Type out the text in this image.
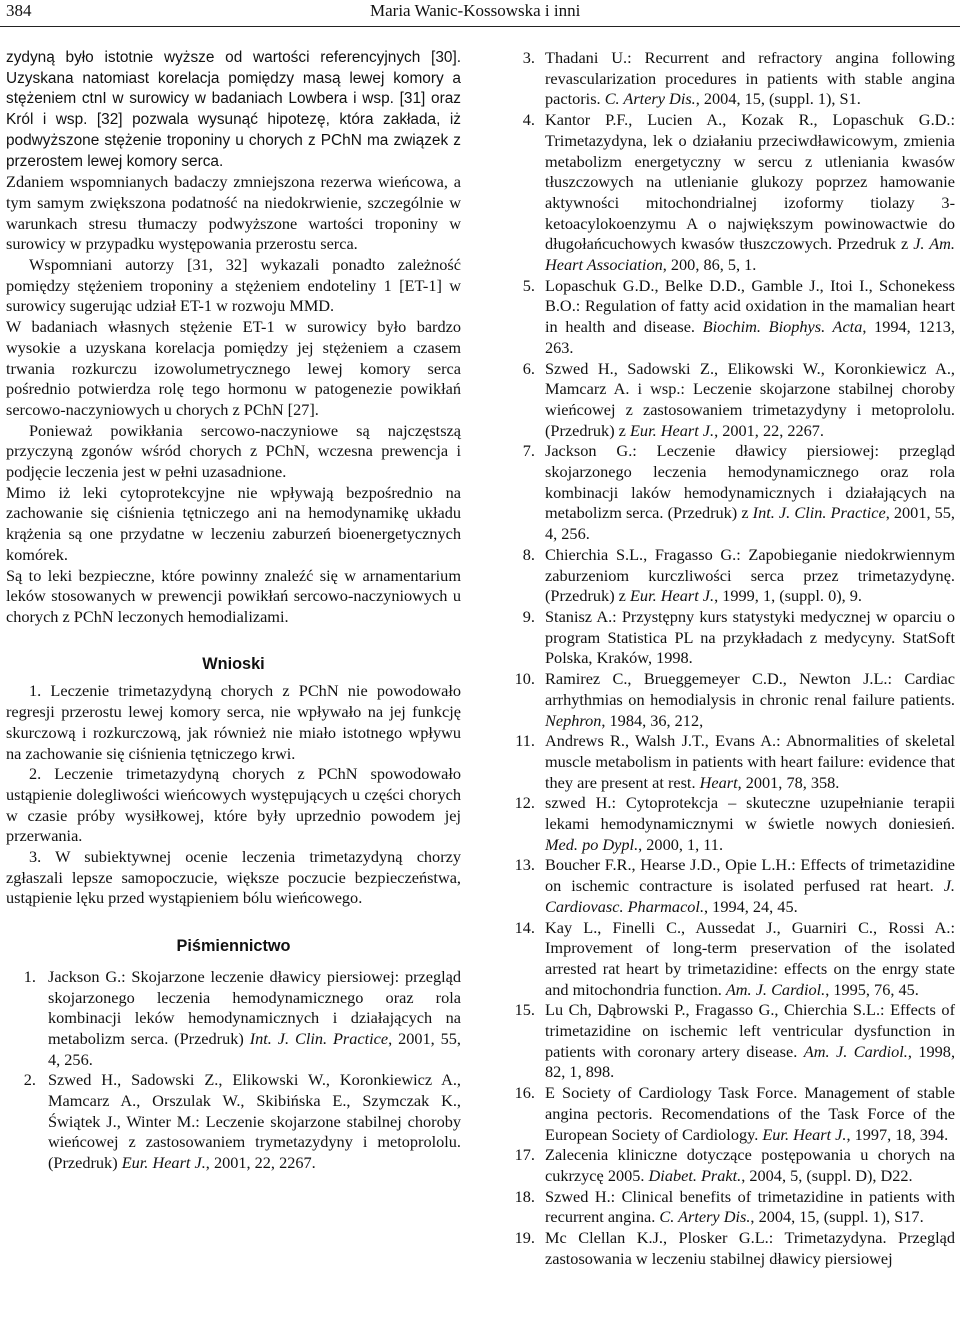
384	Maria Wanic-Kossowska i inni

zydyną było istotnie wyższe od wartości referencyjnych [30]. Uzyskana natomiast korelacja pomiędzy masą lewej komory a stężeniem ctnI w surowicy w badaniach Lowbera i wsp. [31] oraz Król i wsp. [32] pozwala wysunąć hipotezę, która zakłada, iż podwyższone stężenie troponiny u chorych z PChN ma związek z przerostem lewej komory serca.

Zdaniem wspomnianych badaczy zmniejszona rezerwa wieńcowa, a tym samym zwiększona podatność na niedokrwienie, szczególnie w warunkach stresu tłumaczy podwyższone wartości troponiny w surowicy w przypadku występowania przerostu serca.

Wspomniani autorzy [31, 32] wykazali ponadto zależność pomiędzy stężeniem troponiny a stężeniem endoteliny 1 [ET-1] w surowicy sugerując udział ET-1 w rozwoju MMD.

W badaniach własnych stężenie ET-1 w surowicy było bardzo wysokie a uzyskana korelacja pomiędzy jej stężeniem a czasem trwania rozkurczu izowolumetrycznego lewej komory serca pośrednio potwierdza rolę tego hormonu w patogenezie powikłań sercowo-naczyniowych u chorych z PChN [27].

Ponieważ powikłania sercowo-naczyniowe są najczęstszą przyczyną zgonów wśród chorych z PChN, wczesna prewencja i podjęcie leczenia jest w pełni uzasadnione.

Mimo iż leki cytoprotekcyjne nie wpływają bezpośrednio na zachowanie się ciśnienia tętniczego ani na hemodynamikę układu krążenia są one przydatne w leczeniu zaburzeń bioenergetycznych komórek.

Są to leki bezpieczne, które powinny znaleźć się w arnamentarium leków stosowanych w prewencji powikłań sercowo-naczyniowych u chorych z PChN leczonych hemodializami.

Wnioski

1. Leczenie trimetazydyną chorych z PChN nie powodowało regresji przerostu lewej komory serca, nie wpływało na jej funkcję skurczową i rozkurczową, jak również nie miało istotnego wpływu na zachowanie się ciśnienia tętniczego krwi.

2. Leczenie trimetazydyną chorych z PChN spowodowało ustąpienie dolegliwości wieńcowych występujących u części chorych w czasie próby wysiłkowej, które były uprzednio powodem jej przerwania.

3. W subiektywnej ocenie leczenia trimetazydyną chorzy zgłaszali lepsze samopoczucie, większe poczucie bezpieczeństwa, ustąpienie lęku przed wystąpieniem bólu wieńcowego.

Piśmiennictwo
1. Jackson G.: Skojarzone leczenie dławicy piersiowej: przegląd skojarzonego leczenia hemodynamicznego oraz rola kombinacji leków hemodynamicznych i działających na metabolizm serca. (Przedruk) Int. J. Clin. Practice, 2001, 55, 4, 256.
2. Szwed H., Sadowski Z., Elikowski W., Koronkiewicz A., Mamcarz A., Orszulak W., Skibińska E., Szymczak K., Świątek J., Winter M.: Leczenie skojarzone stabilnej choroby wieńcowej z zastosowaniem trymetazydyny i metoprololu. (Przedruk) Eur. Heart J., 2001, 22, 2267.
3. Thadani U.: Recurrent and refractory angina following revascularization procedures in patients with stable angina pactoris. C. Artery Dis., 2004, 15, (suppl. 1), S1.
4. Kantor P.F., Lucien A., Kozak R., Lopaschuk G.D.: Trimetazydyna, lek o działaniu przeciwdławicowym, zmienia metabolizm energetyczny w sercu z utleniania kwasów tłuszczowych na utlenianie glukozy poprzez hamowanie aktywności mitochondrialnej izoformy tiolazy 3-ketoacylokoenzymu A o największym powinowactwie do długołańcuchowych kwasów tłuszczowych. Przedruk z J. Am. Heart Association, 200, 86, 5, 1.
5. Lopaschuk G.D., Belke D.D., Gamble J., Itoi I., Schonekess B.O.: Regulation of fatty acid oxidation in the mamalian heart in health and disease. Biochim. Biophys. Acta, 1994, 1213, 263.
6. Szwed H., Sadowski Z., Elikowski W., Koronkiewicz A., Mamcarz A. i wsp.: Leczenie skojarzone stabilnej choroby wieńcowej z zastosowaniem trimetazydyny i metoprololu. (Przedruk) z Eur. Heart J., 2001, 22, 2267.
7. Jackson G.: Leczenie dławicy piersiowej: przegląd skojarzonego leczenia hemodynamicznego oraz rola kombinacji laków hemodynamicznych i działających na metabolizm serca. (Przedruk) z Int. J. Clin. Practice, 2001, 55, 4, 256.
8. Chierchia S.L., Fragasso G.: Zapobieganie niedokrwiennym zaburzeniom kurczliwości serca przez trimetazydynę. (Przedruk) z Eur. Heart J., 1999, 1, (suppl. 0), 9.
9. Stanisz A.: Przystępny kurs statystyki medycznej w oparciu o program Statistica PL na przykładach z medycyny. StatSoft Polska, Kraków, 1998.
10. Ramirez C., Brueggemeyer C.D., Newton J.L.: Cardiac arrhythmias on hemodialysis in chronic renal failure patients. Nephron, 1984, 36, 212,
11. Andrews R., Walsh J.T., Evans A.: Abnormalities of skeletal muscle metabolism in patients with heart failure: evidence that they are present at rest. Heart, 2001, 78, 358.
12. szwed H.: Cytoprotekcja – skuteczne uzupełnianie terapii lekami hemodynamicznymi w świetle nowych doniesień. Med. po Dypl., 2000, 1, 11.
13. Boucher F.R., Hearse J.D., Opie L.H.: Effects of trimetazidine on ischemic contracture is isolated perfused rat heart. J. Cardiovasc. Pharmacol., 1994, 24, 45.
14. Kay L., Finelli C., Aussedat J., Guarniri C., Rossi A.: Improvement of long-term preservation of the isolated arrested rat heart by trimetazidine: effects on the enrgy state and mitochondria function. Am. J. Cardiol., 1995, 76, 45.
15. Lu Ch, Dąbrowski P., Fragasso G., Chierchia S.L.: Effects of trimetazidine on ischemic left ventricular dysfunction in patients with coronary artery disease. Am. J. Cardiol., 1998, 82, 1, 898.
16. E Society of Cardiology Task Force. Management of stable angina pectoris. Recomendations of the Task Force of the European Society of Cardiology. Eur. Heart J., 1997, 18, 394.
17. Zalecenia kliniczne dotyczące postępowania u chorych na cukrzycę 2005. Diabet. Prakt., 2004, 5, (suppl. D), D22.
18. Szwed H.: Clinical benefits of trimetazidine in patients with recurrent angina. C. Artery Dis., 2004, 15, (suppl. 1), S17.
19. Mc Clellan K.J., Plosker G.L.: Trimetazydyna. Przegląd zastosowania w leczeniu stabilnej dławicy piersiowej
